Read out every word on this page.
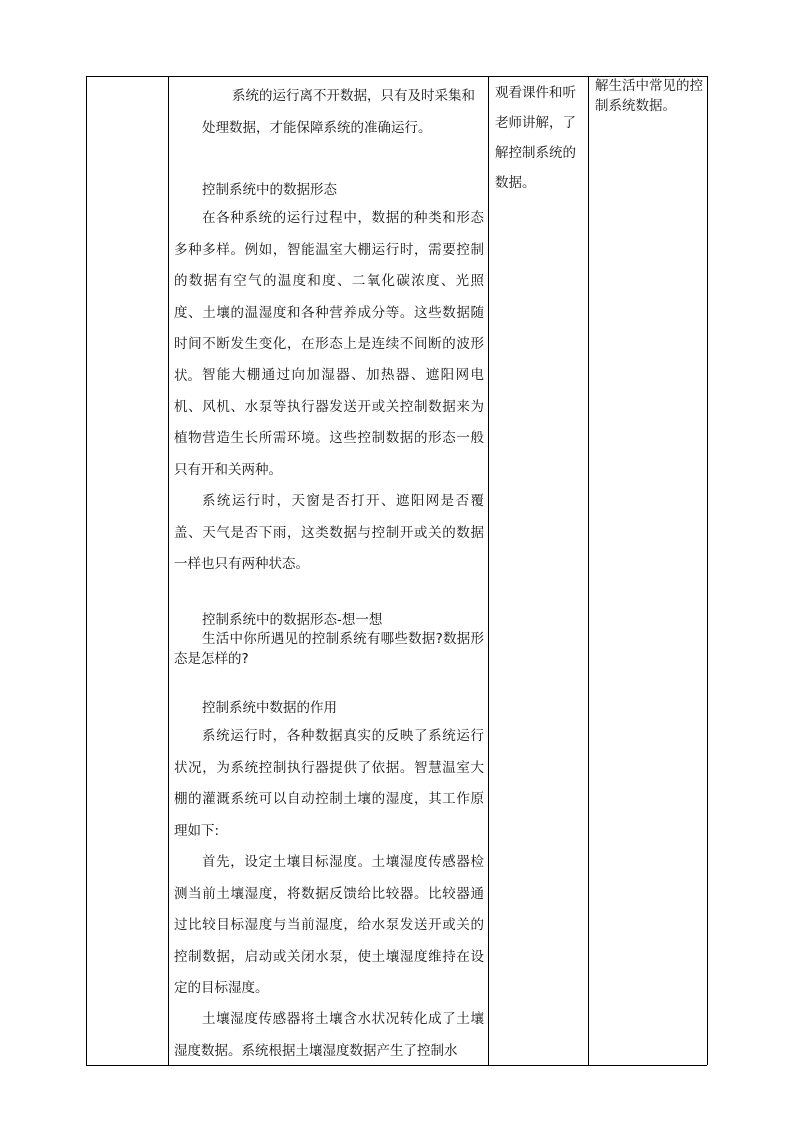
系统的运行离不开数据，只有及时采集和
处理数据，才能保障系统的准确运行。
控制系统中的数据形态
在各种系统的运行过程中，数据的种类和形态多种多样。例如，智能温室大棚运行时，需要控制的数据有空气的温度和度、二氧化碳浓度、光照度、土壤的温湿度和各种营养成分等。这些数据随时间不断发生变化，在形态上是连续不间断的波形状。 智能大棚通过向加湿器、加热器、遮阳网电机、风机、水泵等执行器发送开或关控制数据来为植物营造生长所需环境。这些控制数据的形态一般只有开和关两种。
系统运行时，天窗是否打开、遮阳网是否覆盖、天气是否下雨，这类数据与控制开或关的数据一样也只有两种状态。
控制系统中的数据形态-想一想
生活中你所遇见的控制系统有哪些数据?数据形态是怎样的?
控制系统中数据的作用
系统运行时，各种数据真实的反映了系统运行状况，为系统控制执行器提供了依据。智慧温室大棚的灌溉系统可以自动控制土壤的湿度，其工作原理如下:
首先，设定土壤目标湿度。土壤湿度传感器检测当前土壤湿度，将数据反馈给比较器。比较器通过比较目标湿度与当前湿度，给水泵发送开或关的控制数据，启动或关闭水泵，使土壤湿度维持在设定的目标湿度。
土壤湿度传感器将土壤含水状况转化成了土壤湿度数据。系统根据土壤湿度数据产生了控制水
观看课件和听老师讲解，了解控制系统的数据。
解生活中常见的控制系统数据。
